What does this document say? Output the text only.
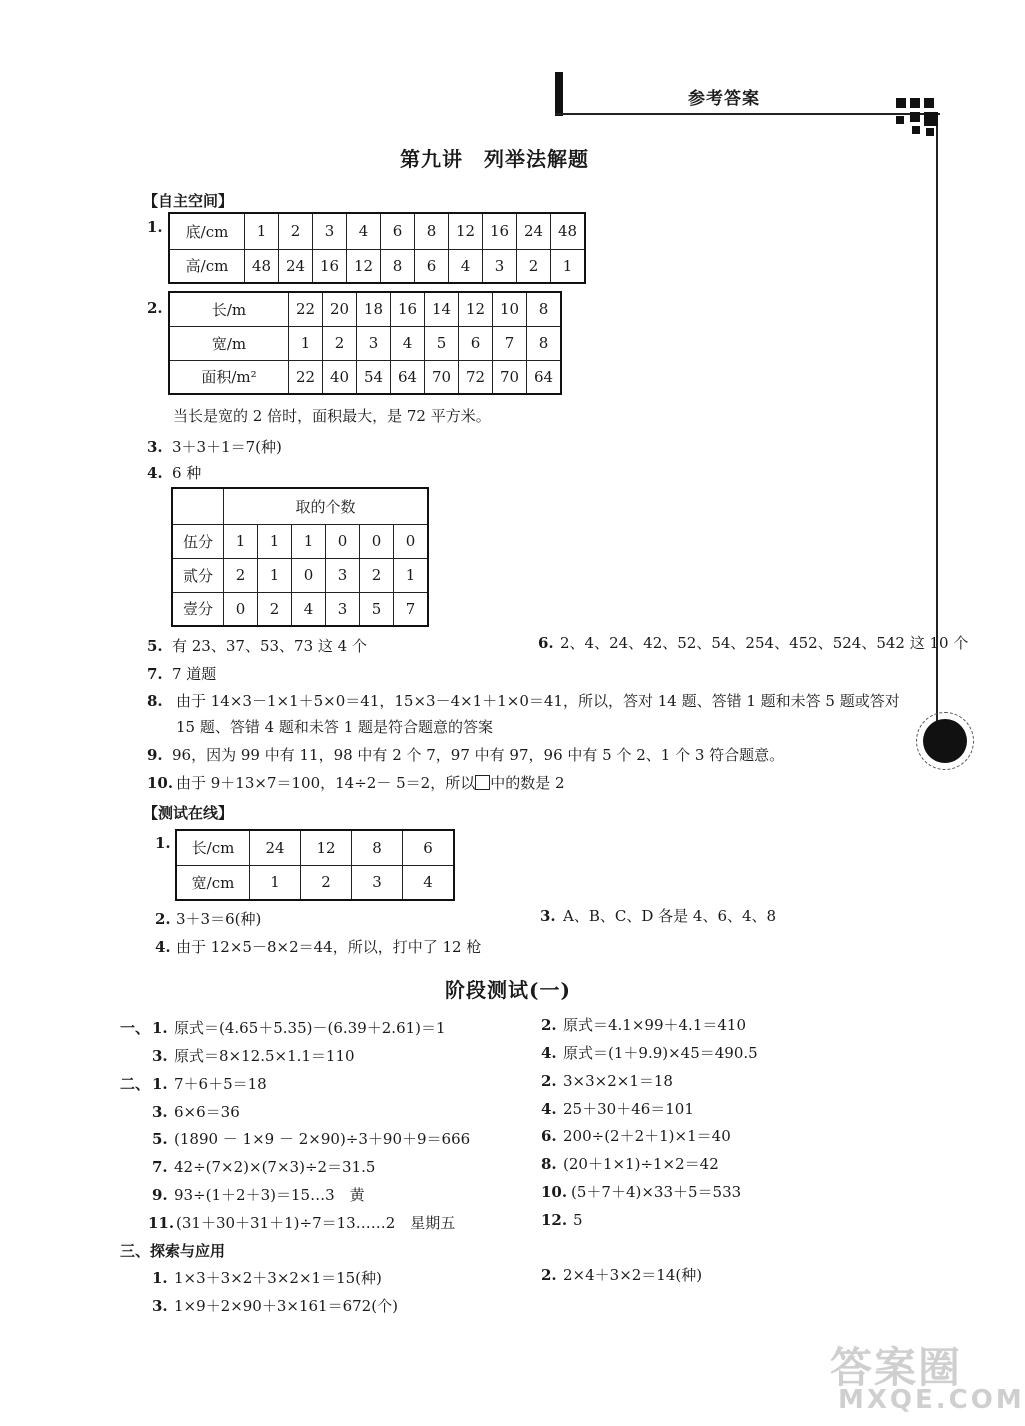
参考答案
第九讲　列举法解题
【自主空间】
1. 底/cm	1	2	3	4	6	8	12	16	24	48
高/cm	48	24	16	12	8	6	4	3	2	1
2.	长/m	22	20	18	16	14	12	10	8
宽/m	1	2	3	4	5	6	7	8
面积/m²	22	40	54	64	70	72	70	64
当长是宽的 2 倍时，面积最大，是 72 平方米。
3. 3＋3＋1＝7(种)
4. 6 种
	取的个数					
伍分	1	1	1	0	0	0
贰分	2	1	0	3	2	1
壹分	0	2	4	3	5	7
5. 有 23、37、53、73 这 4 个	6. 2、4、24、42、52、54、254、452、524、542 这 10 个
7. 7 道题
8. 由于 14×3－1×1＋5×0＝41，15×3－4×1＋1×0＝41，所以，答对 14 题、答错 1 题和未答 5 题或答对
15 题、答错 4 题和未答 1 题是符合题意的答案
9. 96，因为 99 中有 11，98 中有 2 个 7，97 中有 97，96 中有 5 个 2、1 个 3 符合题意。
10. 由于 9＋13×7＝100，14÷2－ 5＝2，所以 中的数是 2
【测试在线】
1. 长/cm	24	12	8	6
宽/cm	1	2	3	4
2. 3＋3＝6(种)	3. A、B、C、D 各是 4、6、4、8
4. 由于 12×5－8×2＝44，所以，打中了 12 枪
阶段测试(一)
一、 1. 原式＝(4.65＋5.35)－(6.39＋2.61)＝1	2. 原式＝4.1×99＋4.1＝410
3. 原式＝8×12.5×1.1＝110	4. 原式＝(1＋9.9)×45＝490.5
二、 1. 7＋6＋5＝18	2. 3×3×2×1＝18
3. 6×6＝36	4. 25＋30＋46＝101
5. (1890 － 1×9 － 2×90)÷3＋90＋9＝666	6. 200÷(2＋2＋1)×1＝40
7. 42÷(7×2)×(7×3)÷2＝31.5	8. (20＋1×1)÷1×2＝42
9. 93÷(1＋2＋3)＝15…3　黄	10. (5＋7＋4)×33＋5＝533
11. (31＋30＋31＋1)÷7＝13……2　星期五	12. 5
三、探索与应用
1. 1×3＋3×2＋3×2×1＝15(种)	2. 2×4＋3×2＝14(种)
3. 1×9＋2×90＋3×161＝672(个)
答案圈
MXQE.COM
